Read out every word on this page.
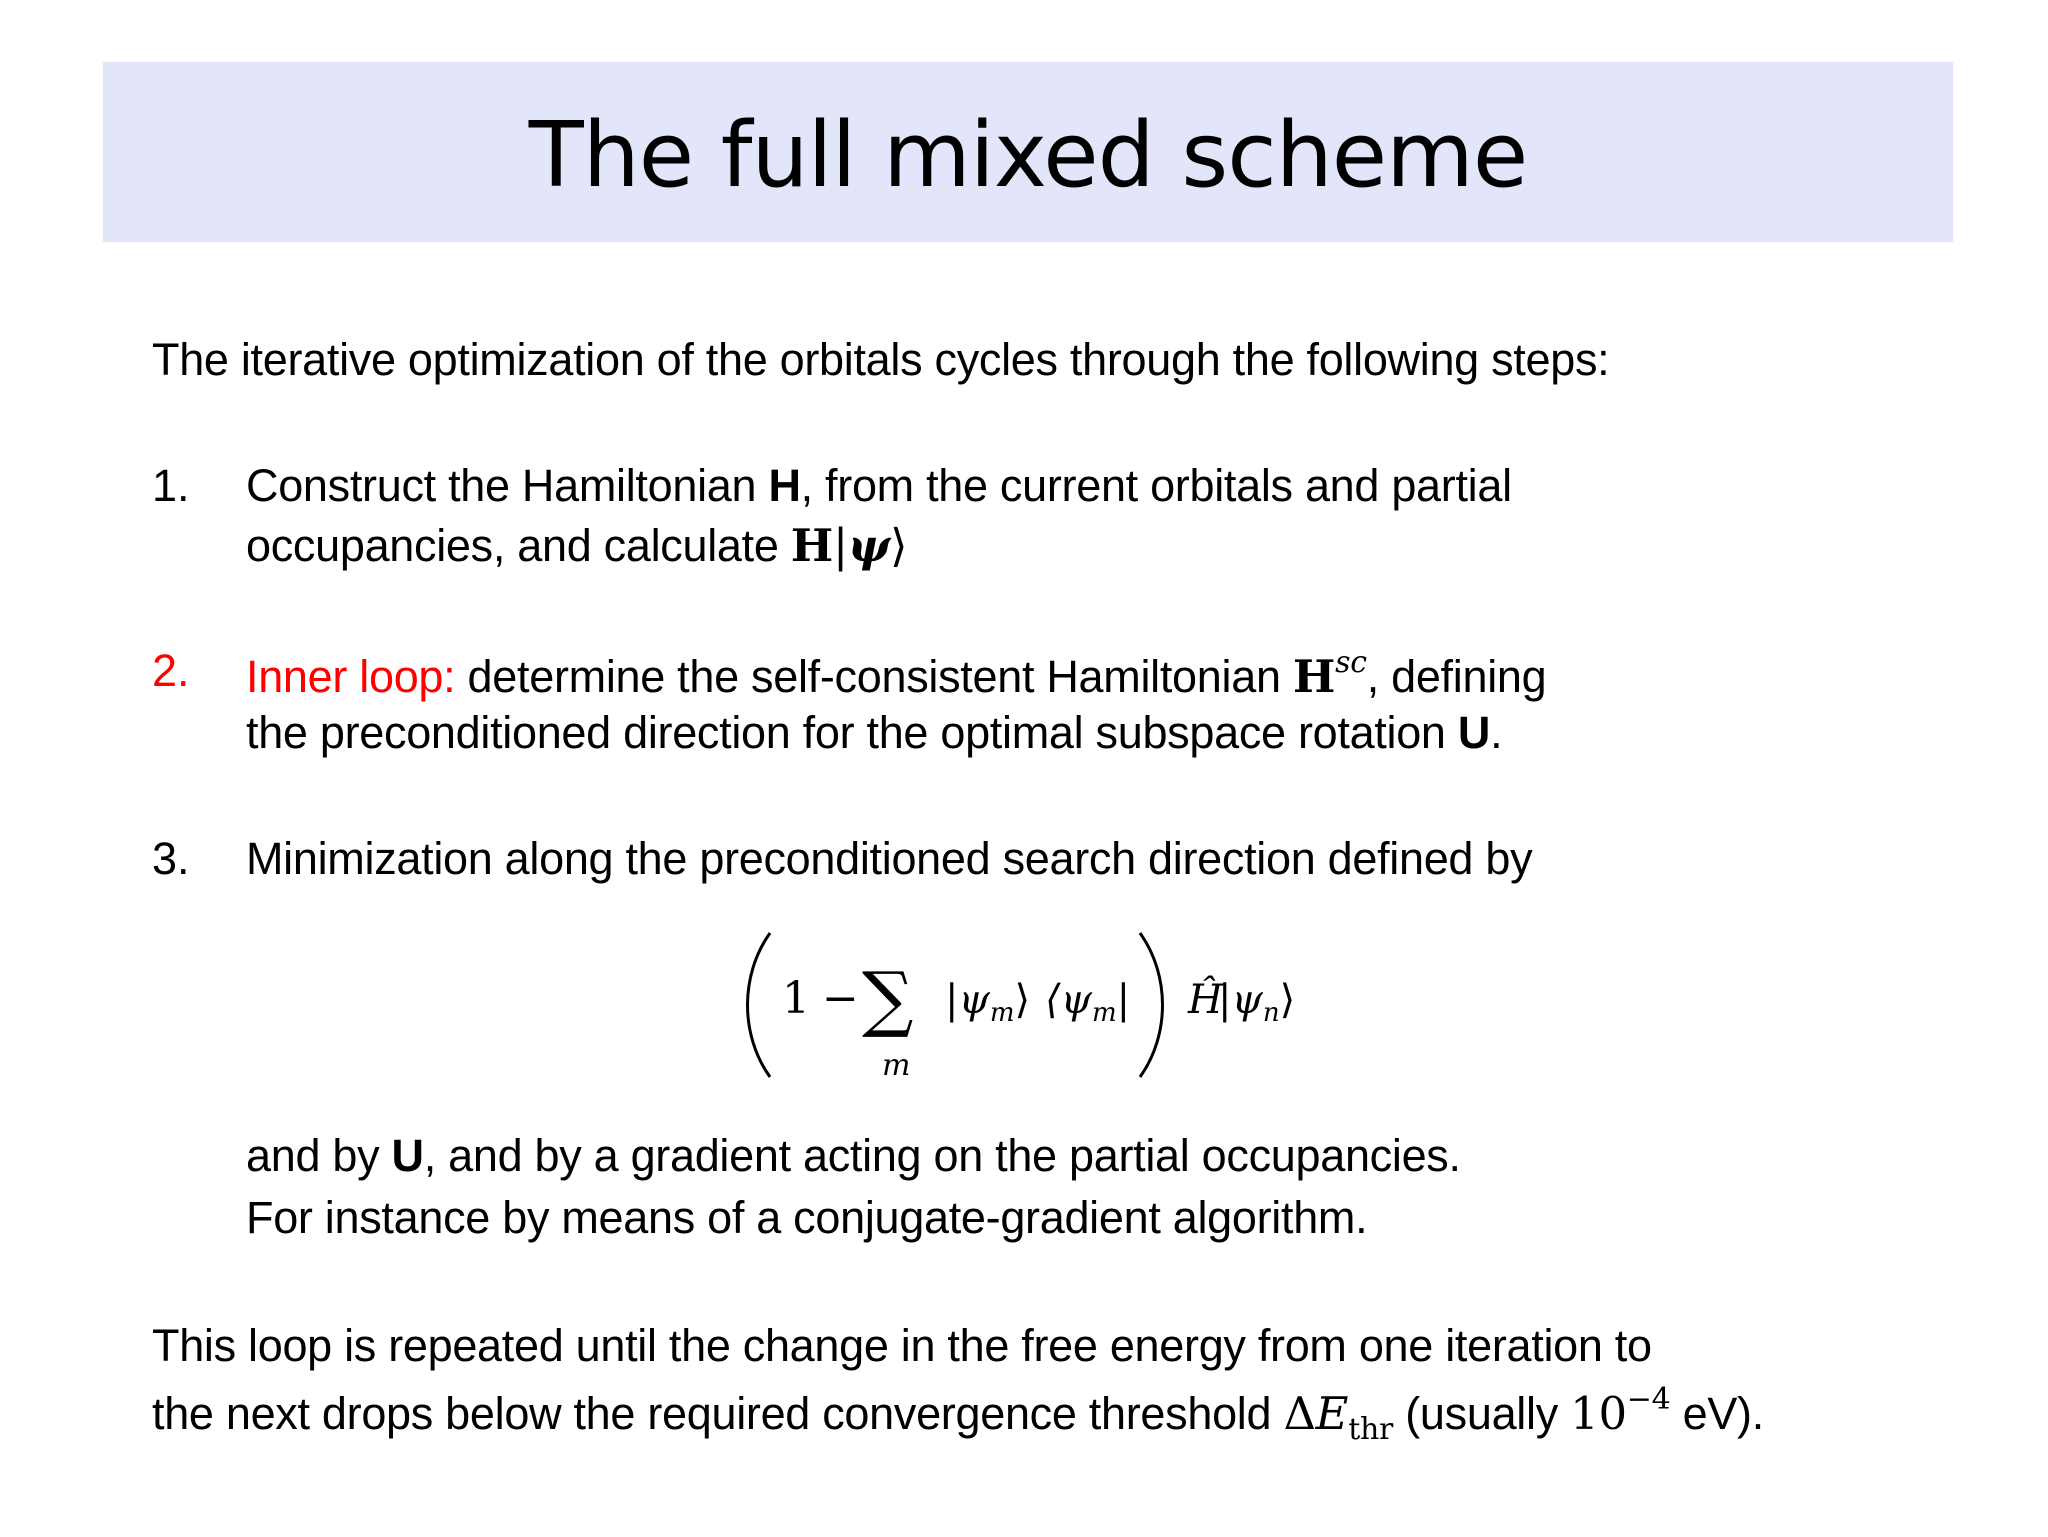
The full mixed scheme
The iterative optimization of the orbitals cycles through the following steps:
1. Construct the Hamiltonian H, from the current orbitals and partial
occupancies, and calculate H|ψ⟩
2. Inner loop: determine the self-consistent Hamiltonian $H^{sc}$, defining
the preconditioned direction for the optimal subspace rotation U.
3. Minimization along the preconditioned search direction defined by
1 − ∑
m
$|\psi_m⟩$ $⟨\psi_m|$ Ĥ
$|\psi_n⟩$
and by U, and by a gradient acting on the partial occupancies.
For instance by means of a conjugate-gradient algorithm.
This loop is repeated until the change in the free energy from one iteration to
the next drops below the required convergence threshold $\Delta E_{thr}$ (usually $10^{-4}$ eV).
